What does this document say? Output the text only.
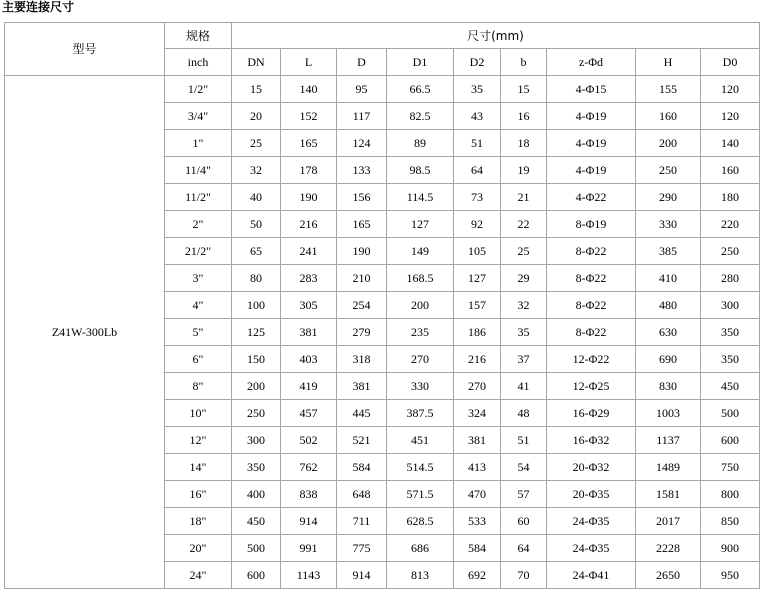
主要连接尺寸
型号	规格	尺寸(mm)								
	inch	DN	L	D	D1	D2	b	z-Φd	H	D0
Z41W-300Lb	1/2"	15	140	95	66.5	35	15	4-Φ15	155	120
	3/4"	20	152	117	82.5	43	16	4-Φ19	160	120
	1"	25	165	124	89	51	18	4-Φ19	200	140
	11/4"	32	178	133	98.5	64	19	4-Φ19	250	160
	11/2"	40	190	156	114.5	73	21	4-Φ22	290	180
	2"	50	216	165	127	92	22	8-Φ19	330	220
	21/2"	65	241	190	149	105	25	8-Φ22	385	250
	3"	80	283	210	168.5	127	29	8-Φ22	410	280
	4"	100	305	254	200	157	32	8-Φ22	480	300
	5"	125	381	279	235	186	35	8-Φ22	630	350
	6"	150	403	318	270	216	37	12-Φ22	690	350
	8"	200	419	381	330	270	41	12-Φ25	830	450
	10"	250	457	445	387.5	324	48	16-Φ29	1003	500
	12"	300	502	521	451	381	51	16-Φ32	1137	600
	14"	350	762	584	514.5	413	54	20-Φ32	1489	750
	16"	400	838	648	571.5	470	57	20-Φ35	1581	800
	18"	450	914	711	628.5	533	60	24-Φ35	2017	850
	20"	500	991	775	686	584	64	24-Φ35	2228	900
	24"	600	1143	914	813	692	70	24-Φ41	2650	950
